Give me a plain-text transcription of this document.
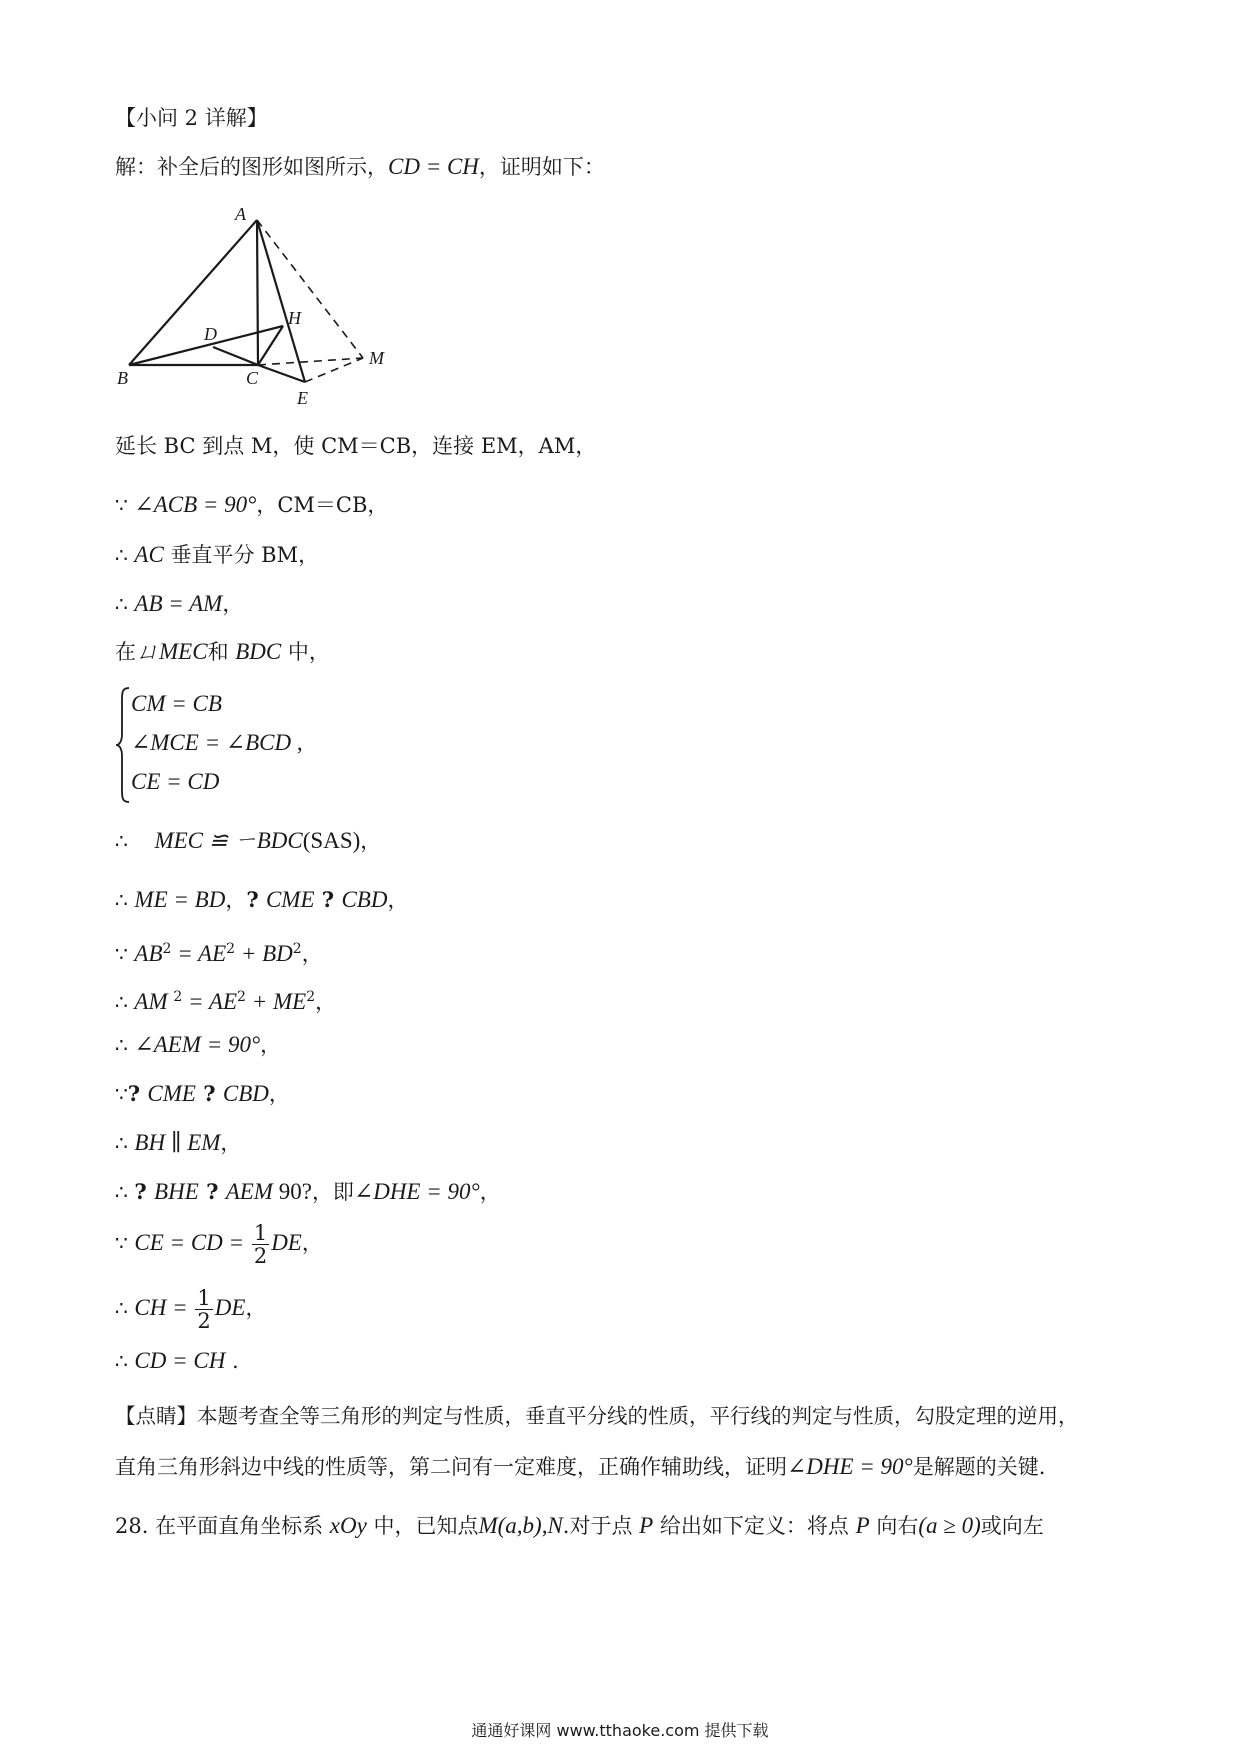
【小问 2 详解】
解：补全后的图形如图所示，CD = CH，证明如下：
A
B	C
D
E
H
M
延长 BC 到点 M，使 CM＝CB，连接 EM，AM，
∵ ∠ACB = 90°，CM＝CB，
∴ AC 垂直平分 BM，
∴ AB = AM，
在ㄩMEC和 BDC 中，
CM = CB
∠MCE = ∠BCD ,
CE = CD
∴ MEC ≌ ㄧBDC(SAS)，
∴ ME = BD，? CME ? CBD，
∵ $AB^2 = AE^2 + BD^2$，
∴ AM $^2 = AE^2 + ME^2$，
∴ ∠AEM = 90°，
∵? CME ? CBD，
∴ BH ∥ EM，
∴ ? BHE ? AEM 90?，即∠DHE = 90°，
∵ CE = CD = $\frac{1}{2}$ DE，
∴ CH = $\frac{1}{2}$ DE，
∴ CD = CH .
【点睛】本题考查全等三角形的判定与性质，垂直平分线的性质，平行线的判定与性质，勾股定理的逆用，
直角三角形斜边中线的性质等，第二问有一定难度，正确作辅助线，证明∠DHE = 90°是解题的关键.
28. 在平面直角坐标系 xOy 中，已知点M(a,b),N.对于点 P 给出如下定义：将点 P 向右(a ≥ 0)或向左
通通好课网 www.tthaoke.com 提供下载
